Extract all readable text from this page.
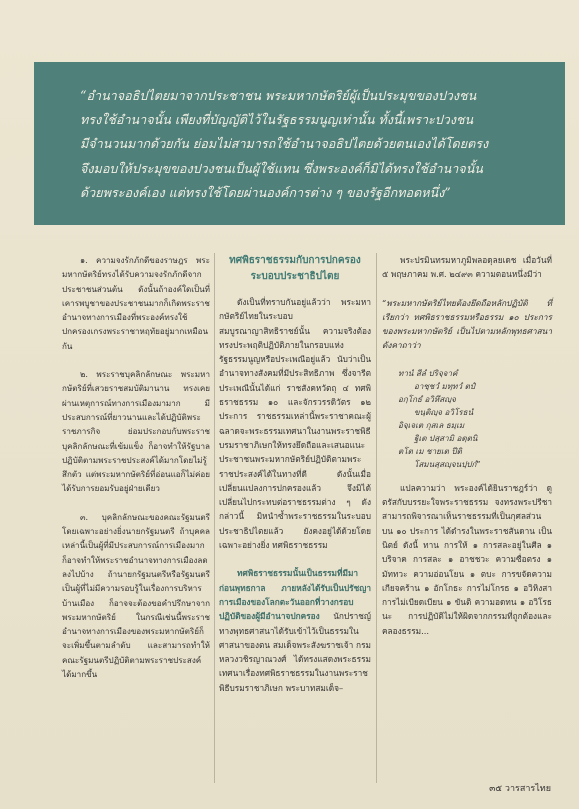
“อำนาจอธิปไตยมาจากประชาชน พระมหากษัตริย์ผู้เป็นประมุขของปวงชน

ทรงใช้อำนาจนั้น เพียงที่บัญญัติไว้ในรัฐธรรมนูญเท่านั้น ทั้งนี้เพราะปวงชน

มีจำนวนมากด้วยกัน ย่อมไม่สามารถใช้อำนาจอธิปไตยด้วยตนเองได้โดยตรง

จึงมอบให้ประมุขของปวงชนเป็นผู้ใช้แทน ซึ่งพระองค์ก็มิได้ทรงใช้อำนาจนั้น

ด้วยพระองค์เอง แต่ทรงใช้โดยผ่านองค์การต่าง ๆ ของรัฐอีกทอดหนึ่ง”

๑. ความจงรักภักดีของราษฎร พระมหากษัตริย์ทรงได้รับความจงรักภักดีจากประชาชนส่วนต้น ดังนั้นถ้าองค์ใดเป็นที่เคารพบูชาของประชาชนมากก็เกิดพระราชอำนาจทางการเมืองที่พระองค์ทรงใช้ปกครองเกรงพระราชาหฤทัยอยู่มากเหมือนกัน

๒. พระราชบุคลิกลักษณะ พระมหากษัตริย์ที่เสวยราชสมบัติมานาน ทรงเคยผ่านเหตุการณ์ทางการเมืองมามาก มีประสบการณ์ที่ยาวนานและได้ปฏิบัติพระราชภารกิจ ย่อมประกอบกับพระราชบุคลิกลักษณะที่เข้มแข็ง ก็อาจทำให้รัฐบาลปฏิบัติตามพระราชประสงค์ได้มากโดยไม่รู้สึกตัว แต่พระมหากษัตริย์ที่อ่อนแอก็ไม่ค่อยได้รับการยอมรับอยู่ฝ่ายเดียว

๓. บุคลิกลักษณะของคณะรัฐมนตรีโดยเฉพาะอย่างยิ่งนายกรัฐมนตรี ถ้าบุคคลเหล่านี้เป็นผู้ที่มีประสบการณ์การเมืองมาก ก็อาจทำให้พระราชอำนาจทางการเมืองลดลงไปบ้าง ถ้านายกรัฐมนตรีหรือรัฐมนตรีเป็นผู้ที่ไม่มีความรอบรู้ในเรื่องการบริหารบ้านเมือง ก็อาจจะต้องขอคำปรึกษาจากพระมหากษัตริย์ ในกรณีเช่นนี้พระราชอำนาจทางการเมืองของพระมหากษัตริย์ก็จะเพิ่มขึ้นตามลำดับ และสามารถทำให้คณะรัฐมนตรีปฏิบัติตามพระราชประสงค์ได้มากขึ้น

ทศพิธราชธรรมกับการปกครอง ระบอบประชาธิปไตย

ดังเป็นที่ทราบกันอยู่แล้วว่า พระมหากษัตริย์ไทยในระบอบสมบูรณาญาสิทธิราชย์นั้น ความจริงต้องทรงประพฤติปฏิบัติภายในกรอบแห่งรัฐธรรมนูญหรือประเพณีอยู่แล้ว นับว่าเป็นอำนาจทางสังคมที่มีประสิทธิภาพ ซึ่งจารีตประเพณีนั้นได้แก่ ราชสังคหวัตถุ ๔ ทศพิธราชธรรม ๑๐ และจักรวรรดิวัตร ๑๒ ประการ ราชธรรมเหล่านี้พระราชาคณะผู้ฉลาดจะพระธรรมเทศนาในงานพระราชพิธีบรมราชาภิเษกให้ทรงยึดถือและเสนอแนะประชาชนพระมหากษัตริย์ปฏิบัติตามพระราชประสงค์ได้ในทางที่ดี ดังนั้นเมื่อเปลี่ยนแปลงการปกครองแล้ว จึงมิได้เปลี่ยนไปกระทบต่อราชธรรมต่าง ๆ ดังกล่าวนี้ มิหนำซ้ำพระราชธรรมในระบอบประชาธิปไตยแล้ว ยังคงอยู่ได้ด้วยโดยเฉพาะอย่างยิ่ง ทศพิธราชธรรม

ทศพิธราชธรรมนั้นเป็นธรรมที่มีมาก่อนพุทธกาล ภายหลังได้รับเป็นปรัชญาการเมืองของโลกตะวันออกที่วางกรอบปฏิบัติของผู้มีอำนาจปกครอง นักปราชญ์ทางพุทธศาสนาได้รับเข้าไว้เป็นธรรมในศาสนาของตน สมเด็จพระสังฆราชเจ้า กรมหลวงวชิรญาณวงศ์ ได้ทรงแสดงพระธรรมเทศนาเรื่องทศพิธราชธรรมในงานพระราชพิธีบรมราชาภิเษก พระบาทสมเด็จ–

พระปรมินทรมหาภูมิพลอดุลยเดช เมื่อวันที่ ๕ พฤษภาคม พ.ศ. ๒๔๙๓ ความตอนหนึ่งมีว่า

“พระมหากษัตริย์ไทยต้องยึดถือหลักปฏิบัติ ที่เรียกว่า ทศพิธราชธรรมหรือธรรม ๑๐ ประการ ของพระมหากษัตริย์ เป็นไปตามหลักพุทธศาสนา ดังคาถาว่า

ทานํ สีลํ ปริจฺจาคํ
อาชฺชวํ มทฺทวํ ตปํ
อกฺโกธํ อวิหึสญฺจ
ขนฺติญฺจ อวิโรธนํ
อิจฺเจเต กุสเล ธมฺเม
ฐิเต ปสฺสามิ อตฺตนิ
ตโต เม ชายเต ปีติ
โสมนสฺสญฺจนปฺปกํ”

แปลความว่า พระองค์ได้ยินราชฎร์ว่า ดูตรัสกับบรรยะใจพระราชธรรม จงทรงพระปรีชาสามารถพิจารณาเห็นราชธรรมที่เป็นกุศลส่วนบน ๑๐ ประการ ได้ดำรงในพระราชสันดาน เป็นนิตย์ ดังนี้ ทาน การให้ ๑ การสละอยู่ในศีล ๑ บริจาค การสละ ๑ อาชชวะ ความซื่อตรง ๑ มัททวะ ความอ่อนโยน ๑ ตบะ การขจัดความเกียจคร้าน ๑ อักโกธะ การไม่โกรธ ๑ อวิหิงสา การไม่เบียดเบียน ๑ ขันติ ความอดทน ๑ อวิโรธนะ การปฏิบัติไม่ให้ผิดจากกรรมที่ถูกต้องและคลองธรรม...

๓๕ วารสารไทย
